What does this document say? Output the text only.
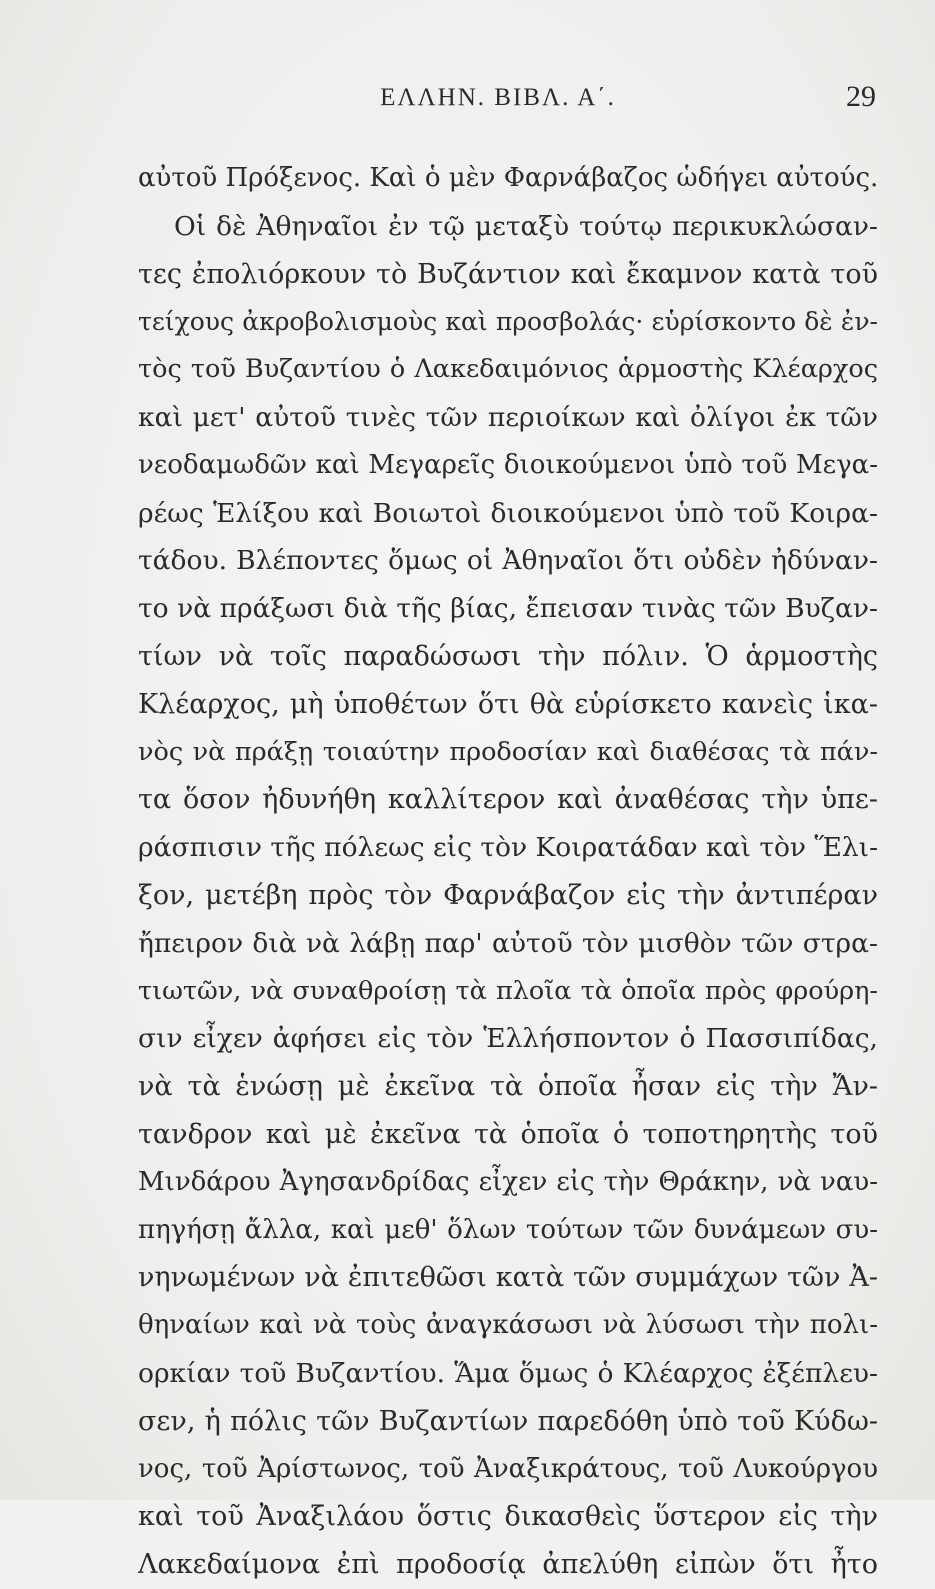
ΕΛΛΗΝ. ΒΙΒΛ. Α΄.	29
αὐτοῦ Πρόξενος. Καὶ ὁ μὲν Φαρνάβαζος ὡδήγει αὐτούς.
Οἱ δὲ Ἀθηναῖοι ἐν τῷ μεταξὺ τούτῳ περικυκλώσαν-
τες ἐπολιόρκουν τὸ Βυζάντιον καὶ ἔκαμνον κατὰ τοῦ
τείχους ἀκροβολισμοὺς καὶ προσβολάς· εὑρίσκοντο δὲ ἐν-
τὸς τοῦ Βυζαντίου ὁ Λακεδαιμόνιος ἁρμοστὴς Κλέαρχος
καὶ μετ' αὐτοῦ τινὲς τῶν περιοίκων καὶ ὀλίγοι ἐκ τῶν
νεοδαμωδῶν καὶ Μεγαρεῖς διοικούμενοι ὑπὸ τοῦ Μεγα-
ρέως Ἑλίξου καὶ Βοιωτοὶ διοικούμενοι ὑπὸ τοῦ Κοιρα-
τάδου. Βλέποντες ὅμως οἱ Ἀθηναῖοι ὅτι οὐδὲν ἠδύναν-
το νὰ πράξωσι διὰ τῆς βίας, ἔπεισαν τινὰς τῶν Βυζαν-
τίων νὰ τοῖς παραδώσωσι τὴν πόλιν. Ὁ ἁρμοστὴς
Κλέαρχος, μὴ ὑποθέτων ὅτι θὰ εὑρίσκετο κανεὶς ἱκα-
νὸς νὰ πράξῃ τοιαύτην προδοσίαν καὶ διαθέσας τὰ πάν-
τα ὅσον ἠδυνήθη καλλίτερον καὶ ἀναθέσας τὴν ὑπε-
ράσπισιν τῆς πόλεως εἰς τὸν Κοιρατάδαν καὶ τὸν Ἕλι-
ξον, μετέβη πρὸς τὸν Φαρνάβαζον εἰς τὴν ἀντιπέραν
ἤπειρον διὰ νὰ λάβῃ παρ' αὐτοῦ τὸν μισθὸν τῶν στρα-
τιωτῶν, νὰ συναθροίσῃ τὰ πλοῖα τὰ ὁποῖα πρὸς φρούρη-
σιν εἶχεν ἀφήσει εἰς τὸν Ἑλλήσποντον ὁ Πασσιπίδας,
νὰ τὰ ἑνώσῃ μὲ ἐκεῖνα τὰ ὁποῖα ἦσαν εἰς τὴν Ἄν-
τανδρον καὶ μὲ ἐκεῖνα τὰ ὁποῖα ὁ τοποτηρητὴς τοῦ
Μινδάρου Ἀγησανδρίδας εἶχεν εἰς τὴν Θράκην, νὰ ναυ-
πηγήσῃ ἄλλα, καὶ μεθ' ὅλων τούτων τῶν δυνάμεων συ-
νηνωμένων νὰ ἐπιτεθῶσι κατὰ τῶν συμμάχων τῶν Ἀ-
θηναίων καὶ νὰ τοὺς ἀναγκάσωσι νὰ λύσωσι τὴν πολι-
ορκίαν τοῦ Βυζαντίου. Ἅμα ὅμως ὁ Κλέαρχος ἐξέπλευ-
σεν, ἡ πόλις τῶν Βυζαντίων παρεδόθη ὑπὸ τοῦ Κύδω-
νος, τοῦ Ἀρίστωνος, τοῦ Ἀναξικράτους, τοῦ Λυκούργου
καὶ τοῦ Ἀναξιλάου ὅστις δικασθεὶς ὕστερον εἰς τὴν
Λακεδαίμονα ἐπὶ προδοσίᾳ ἀπελύθη εἰπὼν ὅτι ἦτο
